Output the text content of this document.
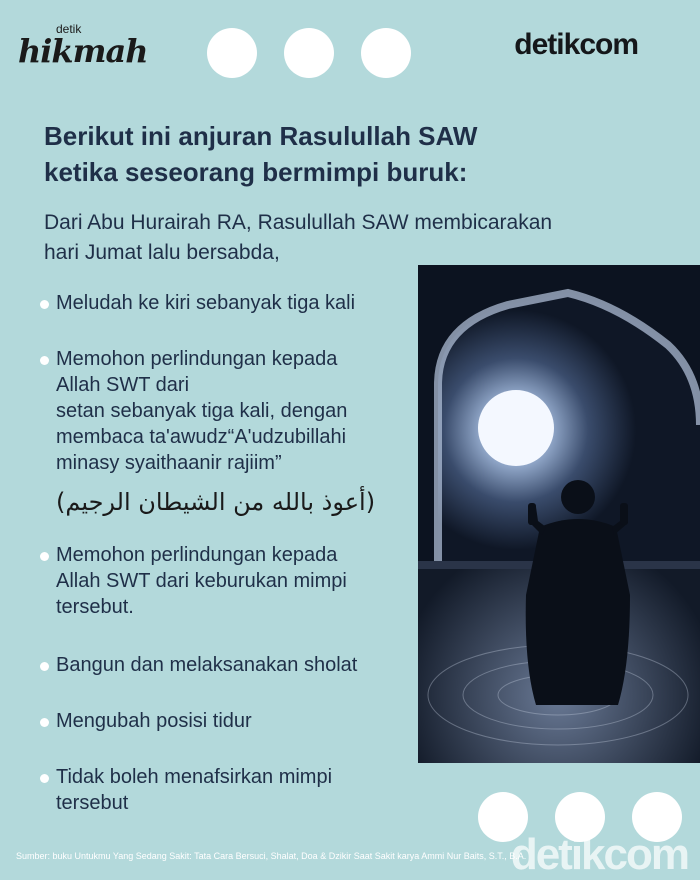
detik
hikmah	detikcom
Berikut ini anjuran Rasulullah SAW
ketika seseorang bermimpi buruk:
Dari Abu Hurairah RA, Rasulullah SAW membicarakan
hari Jumat lalu bersabda,
Meludah ke kiri sebanyak tiga kali
Memohon perlindungan kepada
Allah SWT dari
setan sebanyak tiga kali, dengan
membaca ta'awudz“A'udzubillahi
minasy syaithaanir rajiim”
Memohon perlindungan kepada
Allah SWT dari keburukan mimpi
tersebut.
Bangun dan melaksanakan sholat
Mengubah posisi tidur
Tidak boleh menafsirkan mimpi
tersebut
(أعوذ بالله من الشيطان الرجيم)
detikcom
Sumber: buku Untukmu Yang Sedang Sakit: Tata Cara Bersuci, Shalat, Doa & Dzikir Saat Sakit karya Ammi Nur Baits, S.T., B.A.
